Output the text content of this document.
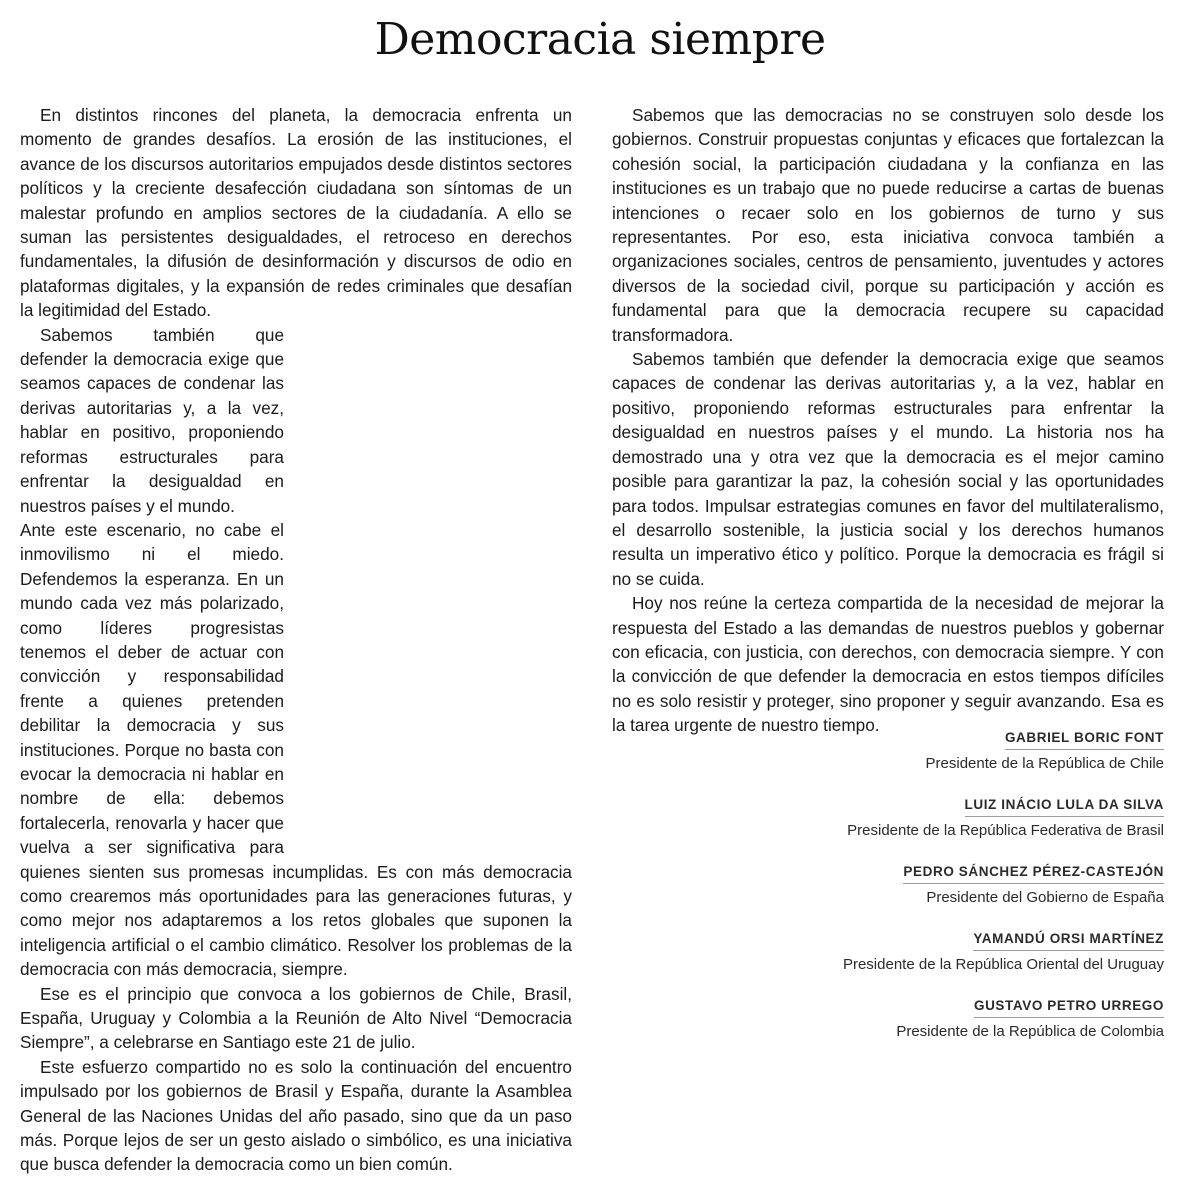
Democracia siempre

En distintos rincones del planeta, la democracia enfrenta un momento de grandes desafíos. La erosión de las instituciones, el avance de los discursos autoritarios empujados desde distintos sectores políticos y la creciente desafección ciudadana son síntomas de un malestar profundo en amplios sectores de la ciudadanía. A ello se suman las persistentes desigualdades, el retroceso en derechos fundamentales, la difusión de desinformación y discursos de odio en plataformas digitales, y la expansión de redes criminales que desafían la legitimidad del Estado.

Sabemos también que defender la democracia exige que seamos capaces de condenar las derivas autoritarias y, a la vez, hablar en positivo, proponiendo reformas estructurales para enfrentar la desigualdad en nuestros países y el mundo.

Ante este escenario, no cabe el inmovilismo ni el miedo. Defendemos la esperanza. En un mundo cada vez más polarizado, como líderes progresistas tenemos el deber de actuar con convicción y responsabilidad frente a quienes pretenden debilitar la democracia y sus instituciones. Porque no basta con evocar la democracia ni hablar en nombre de ella: debemos fortalecerla, renovarla y hacer que vuelva a ser significativa para quienes sienten sus promesas incumplidas. Es con más democracia como crearemos más oportunidades para las generaciones futuras, y como mejor nos adaptaremos a los retos globales que suponen la inteligencia artificial o el cambio climático. Resolver los problemas de la democracia con más democracia, siempre.

Ese es el principio que convoca a los gobiernos de Chile, Brasil, España, Uruguay y Colombia a la Reunión de Alto Nivel “Democracia Siempre”, a celebrarse en Santiago este 21 de julio.

Este esfuerzo compartido no es solo la continuación del encuentro impulsado por los gobiernos de Brasil y España, durante la Asamblea General de las Naciones Unidas del año pasado, sino que da un paso más. Porque lejos de ser un gesto aislado o simbólico, es una iniciativa que busca defender la democracia como un bien común.

Sabemos que las democracias no se construyen solo desde los gobiernos. Construir propuestas conjuntas y eficaces que fortalezcan la cohesión social, la participación ciudadana y la confianza en las instituciones es un trabajo que no puede reducirse a cartas de buenas intenciones o recaer solo en los gobiernos de turno y sus representantes. Por eso, esta iniciativa convoca también a organizaciones sociales, centros de pensamiento, juventudes y actores diversos de la sociedad civil, porque su participación y acción es fundamental para que la democracia recupere su capacidad transformadora.

Sabemos también que defender la democracia exige que seamos capaces de condenar las derivas autoritarias y, a la vez, hablar en positivo, proponiendo reformas estructurales para enfrentar la desigualdad en nuestros países y el mundo. La historia nos ha demostrado una y otra vez que la democracia es el mejor camino posible para garantizar la paz, la cohesión social y las oportunidades para todos. Impulsar estrategias comunes en favor del multilateralismo, el desarrollo sostenible, la justicia social y los derechos humanos resulta un imperativo ético y político. Porque la democracia es frágil si no se cuida.

Hoy nos reúne la certeza compartida de la necesidad de mejorar la respuesta del Estado a las demandas de nuestros pueblos y gobernar con eficacia, con justicia, con derechos, con democracia siempre. Y con la convicción de que defender la democracia en estos tiempos difíciles no es solo resistir y proteger, sino proponer y seguir avanzando. Esa es la tarea urgente de nuestro tiempo.

GABRIEL BORIC FONT
Presidente de la República de Chile
LUIZ INÁCIO LULA DA SILVA
Presidente de la República Federativa de Brasil
PEDRO SÁNCHEZ PÉREZ-CASTEJÓN
Presidente del Gobierno de España
YAMANDÚ ORSI MARTÍNEZ
Presidente de la República Oriental del Uruguay
GUSTAVO PETRO URREGO
Presidente de la República de Colombia
